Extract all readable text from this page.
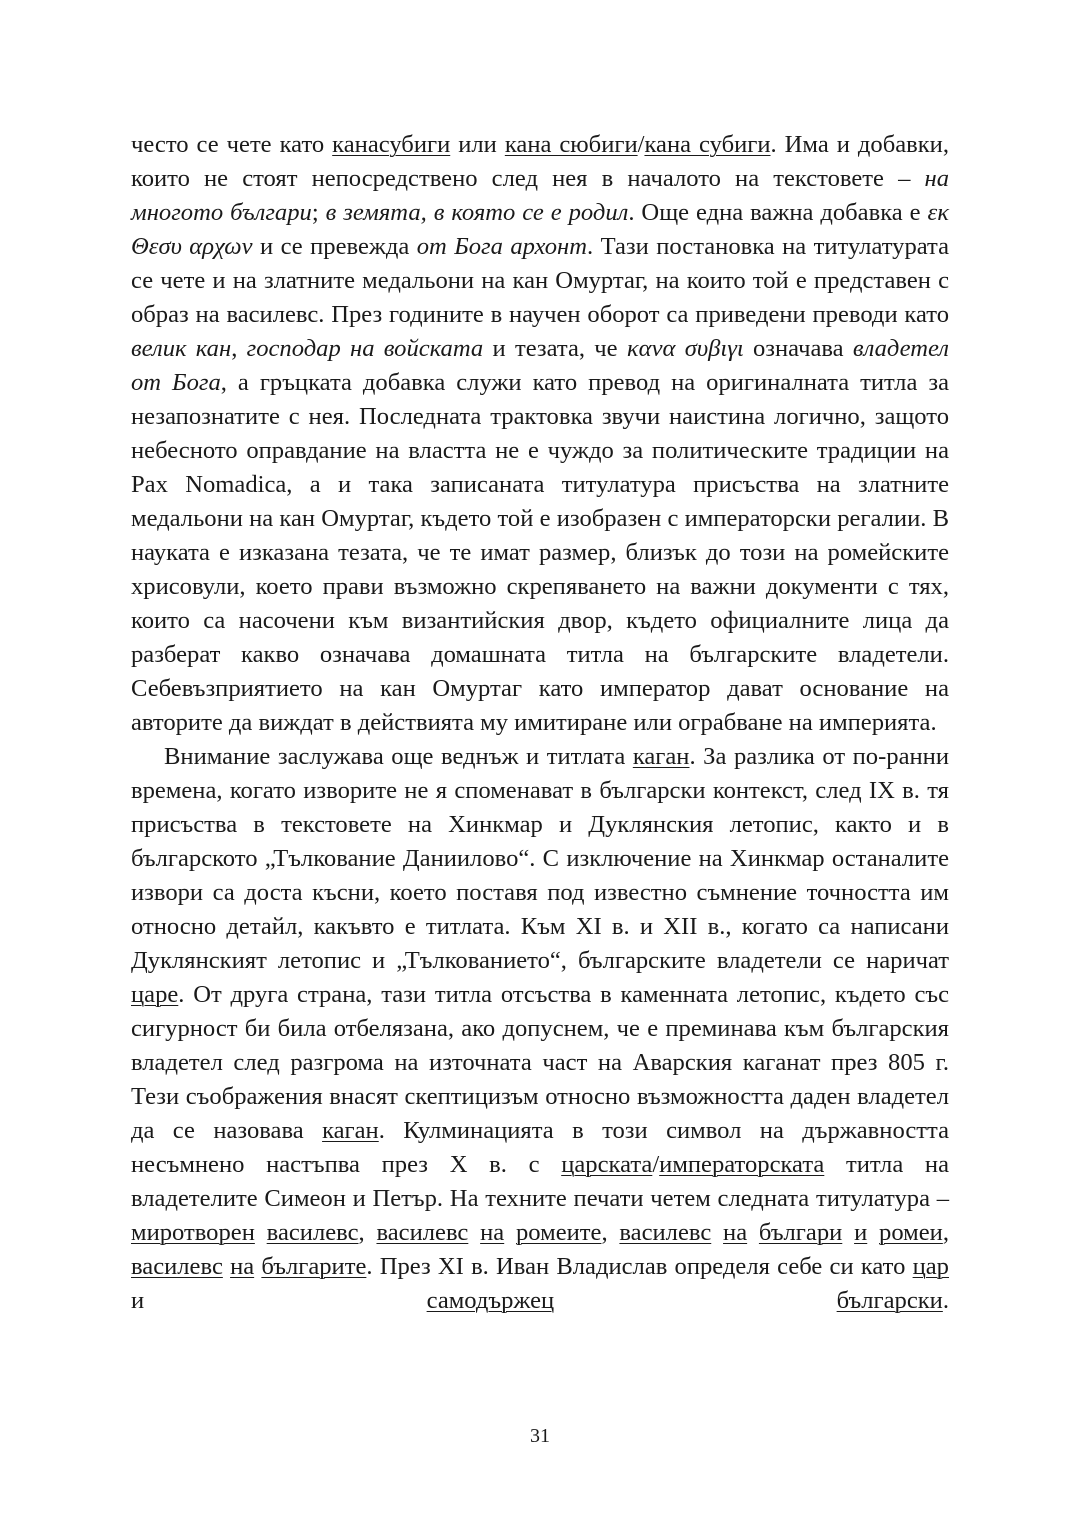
често се чете като канасубиги или кана сюбиги/кана субиги. Има и добавки, които не стоят непосредствено след нея в началото на текстовете – на многото българи; в земята, в която се е родил. Още една важна добавка е εκ Θεσυ αρχων и се превежда от Бога архонт. Тази постановка на титулатурата се чете и на златните медальони на кан Омуртаг, на които той е представен с образ на василевс. През годините в научен оборот са приведени преводи като велик кан, господар на войската и тезата, че κανα συβιγι означава владетел от Бога, а гръцката добавка служи като превод на оригиналната титла за незапознатите с нея. Последната трактовка звучи наистина логично, защото небесното оправдание на властта не е чуждо за политическите традиции на Pax Nomadica, а и така записаната титулатура присъства на златните медальони на кан Омуртаг, където той е изобразен с императорски регалии. В науката е изказана тезата, че те имат размер, близък до този на ромейските хрисовули, което прави възможно скрепяването на важни документи с тях, които са насочени към византийския двор, където официалните лица да разберат какво означава домашната титла на българските владетели. Себевъзприятието на кан Омуртаг като император дават основание на авторите да виждат в действията му имитиране или ограбване на империята.
Внимание заслужава още веднъж и титлата каган. За разлика от по-ранни времена, когато изворите не я споменават в български контекст, след IX в. тя присъства в текстовете на Хинкмар и Дуклянския летопис, както и в българското „Тълкование Даниилово“. С изключение на Хинкмар останалите извори са доста късни, което поставя под известно съмнение точността им относно детайл, какъвто е титлата. Към XI в. и XII в., когато са написани Дуклянският летопис и „Тълкованието“, българските владетели се наричат царе. От друга страна, тази титла отсъства в каменната летопис, където със сигурност би била отбелязана, ако допуснем, че е преминава към българския владетел след разгрома на източната част на Аварския каганат през 805 г. Тези съображения внасят скептицизъм относно възможността даден владетел да се назовава каган. Кулминацията в този символ на държавността несъмнено настъпва през X в. с царската/императорската титла на владетелите Симеон и Петър. На техните печати четем следната титулатура – миротворен василевс, василевс на ромеите, василевс на българи и ромеи, василевс на българите. През XI в. Иван Владислав определя себе си като цар и самодържец	български.
31
